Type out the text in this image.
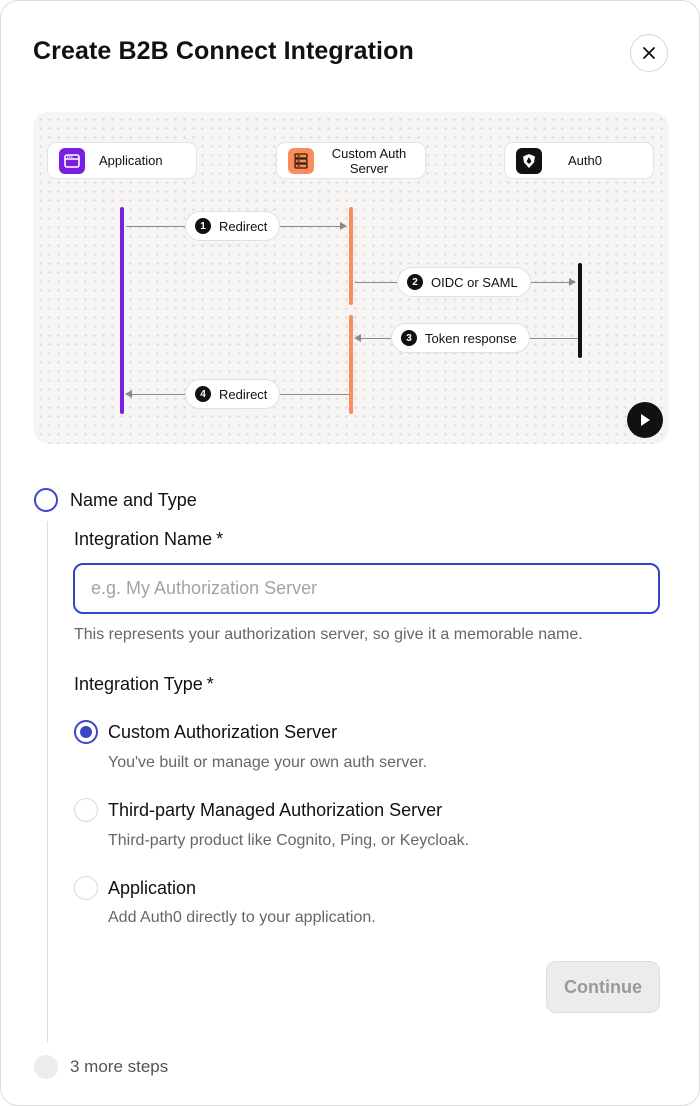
Create B2B Connect Integration
Application	Custom Auth Server	Auth0
1	Redirect
2	OIDC or SAML
3	Token response
4	Redirect
Name and Type
Integration Name *
e.g. My Authorization Server
This represents your authorization server, so give it a memorable name.
Integration Type *
Custom Authorization Server
You've built or manage your own auth server.
Third-party Managed Authorization Server
Third-party product like Cognito, Ping, or Keycloak.
Application
Add Auth0 directly to your application.
Continue
3 more steps
